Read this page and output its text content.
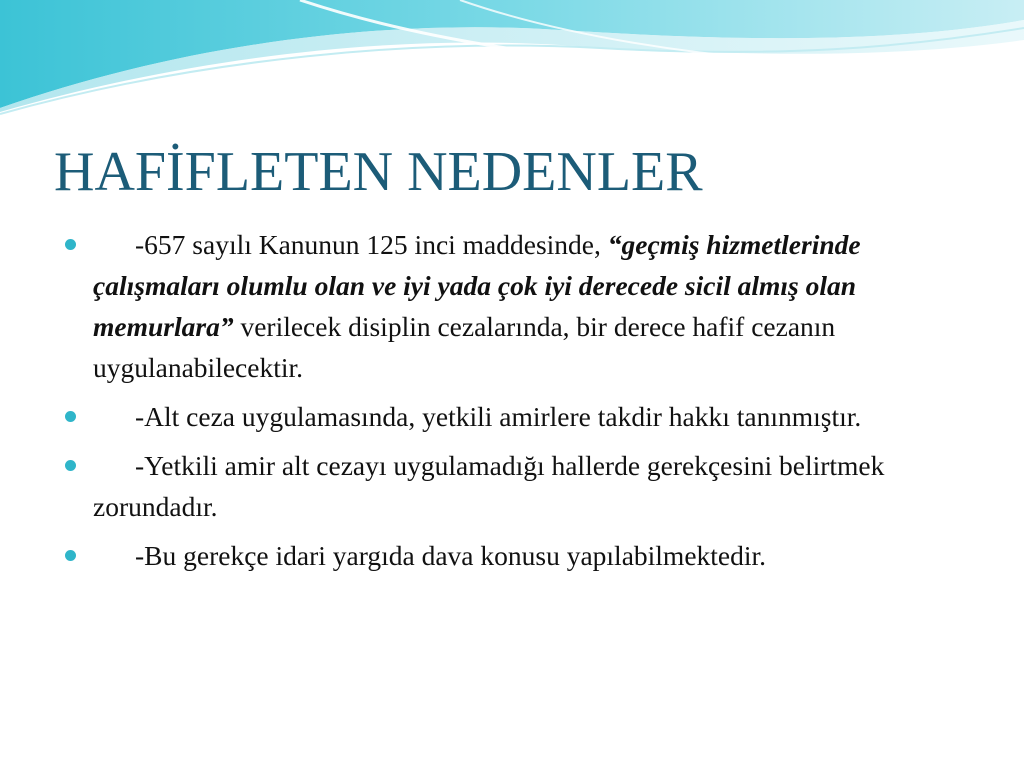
HAFİFLETEN NEDENLER
-657 sayılı Kanunun 125 inci maddesinde, “geçmiş hizmetlerinde çalışmaları olumlu olan ve iyi yada çok iyi derecede sicil almış olan memurlara” verilecek disiplin cezalarında, bir derece hafif cezanın uygulanabilecektir.
-Alt ceza uygulamasında, yetkili amirlere takdir hakkı tanınmıştır.
-Yetkili amir alt cezayı uygulamadığı hallerde gerekçesini belirtmek zorundadır.
-Bu gerekçe idari yargıda dava konusu yapılabilmektedir.
